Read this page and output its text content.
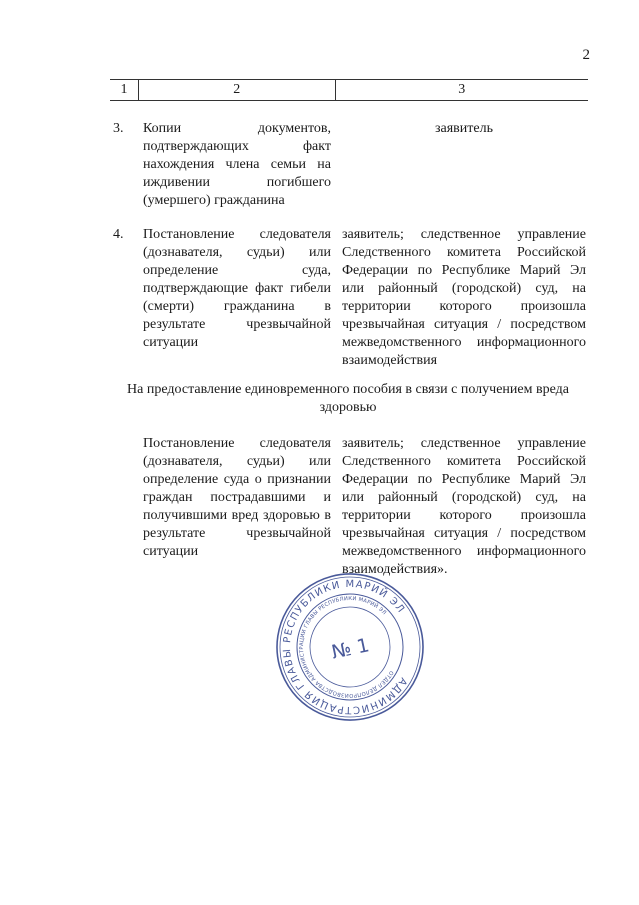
2
1	2	3
3. Копии документов, подтверждающих факт нахождения члена семьи на иждивении погибшего (умершего) гражданина
заявитель
4. Постановление следователя (дознавателя, судьи) или определение суда, подтверждающие факт гибели (смерти) гражданина в результате чрезвычайной ситуации
заявитель; следственное управление Следственного комитета Российской Федерации по Республике Марий Эл или районный (городской) суд, на территории которого произошла чрезвычайная ситуация / посредством межведомственного информационного взаимодействия
На предоставление единовременного пособия в связи с получением вреда здоровью
Постановление следователя (дознавателя, судьи) или определение суда о признании граждан пострадавшими и получившими вред здоровью в результате чрезвычайной ситуации
заявитель; следственное управление Следственного комитета Российской Федерации по Республике Марий Эл или районный (городской) суд, на территории которого произошла чрезвычайная ситуация / посредством межведомственного информационного взаимодействия».
АДМИНИСТРАЦИЯ ГЛАВЫ РЕСПУБЛИКИ МАРИЙ ЭЛ
ОТДЕЛ ДЕЛОПРОИЗВОДСТВА АДМИНИСТРАЦИИ ГЛАВЫ РЕСПУБЛИКИ МАРИЙ ЭЛ
№ 1
